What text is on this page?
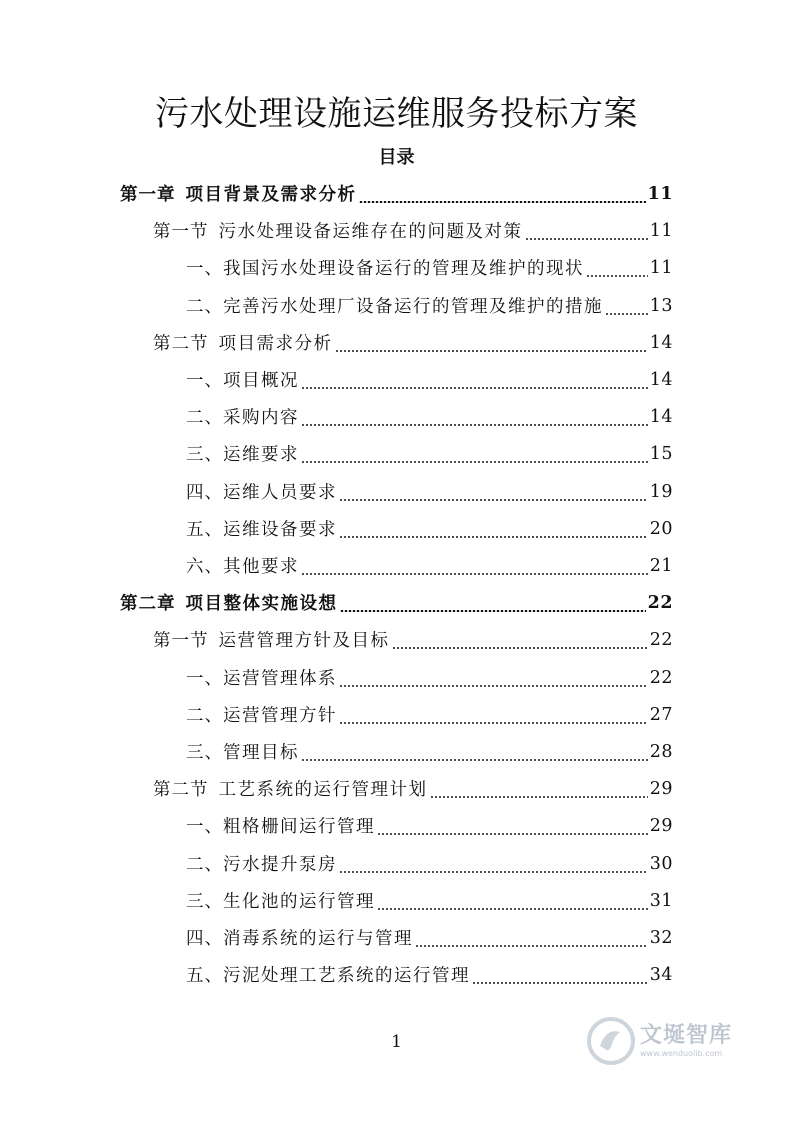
污水处理设施运维服务投标方案
目录
第一章 项目背景及需求分析	11
第一节 污水处理设备运维存在的问题及对策	11
一、 我国污水处理设备运行的管理及维护的现状	11
二、 完善污水处理厂设备运行的管理及维护的措施	13
第二节 项目需求分析	14
一、 项目概况	14
二、 采购内容	14
三、 运维要求	15
四、 运维人员要求	19
五、 运维设备要求	20
六、 其他要求	21
第二章 项目整体实施设想	22
第一节 运营管理方针及目标	22
一、 运营管理体系	22
二、 运营管理方针	27
三、 管理目标	28
第二节 工艺系统的运行管理计划	29
一、 粗格栅间运行管理	29
二、 污水提升泵房	30
三、 生化池的运行管理	31
四、 消毒系统的运行与管理	32
五、 污泥处理工艺系统的运行管理	34
1	文埏智库
www.wenduolib.com
